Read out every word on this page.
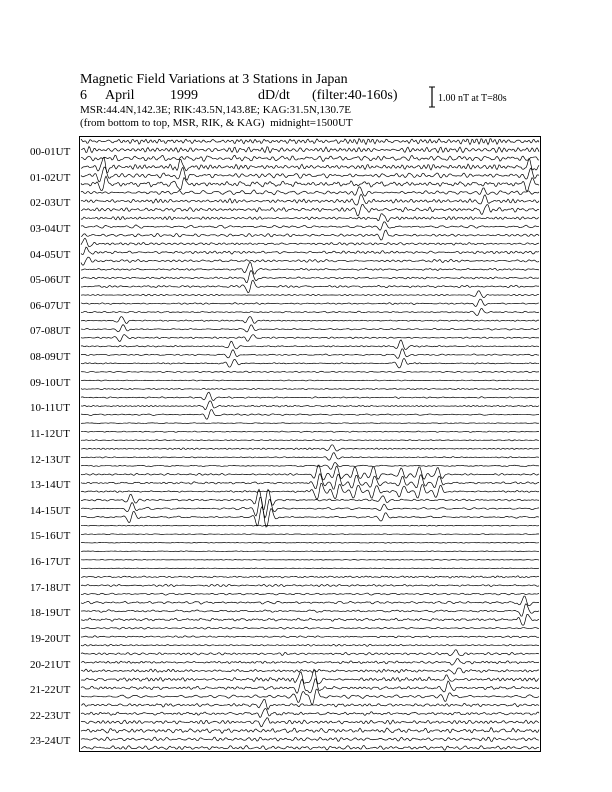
Magnetic Field Variations at 3 Stations in Japan
6 April	1999	dD/dt (filter:40-160s)
MSR:44.4N,142.3E; RIK:43.5N,143.8E; KAG:31.5N,130.7E
(from bottom to top, MSR, RIK, & KAG) midnight=1500UT
1.00 nT at T=80s
00-01UT
01-02UT
02-03UT
03-04UT
04-05UT
05-06UT
06-07UT
07-08UT
08-09UT
09-10UT
10-11UT
11-12UT
12-13UT
13-14UT
14-15UT
15-16UT
16-17UT
17-18UT
18-19UT
19-20UT
20-21UT
21-22UT
22-23UT
23-24UT
